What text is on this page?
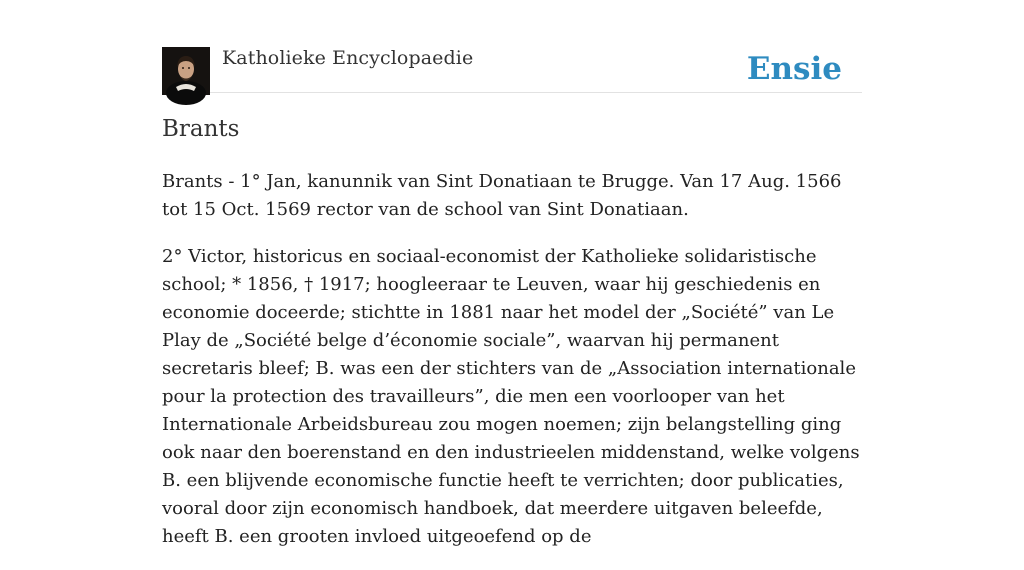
Katholieke Encyclopaedie	Ensie
Brants

Brants - 1° Jan, kanunnik van Sint Donatiaan te Brugge. Van 17 Aug. 1566 tot 15 Oct. 1569 rector van de school van Sint Donatiaan.

2° Victor, historicus en sociaal-economist der Katholieke solidaristische school; * 1856, † 1917; hoogleeraar te Leuven, waar hij geschiedenis en economie doceerde; stichtte in 1881 naar het model der „Société” van Le Play de „Société belge d’économie sociale”, waarvan hij permanent secretaris bleef; B. was een der stichters van de „Association internationale pour la protection des travailleurs”, die men een voorlooper van het Internationale Arbeidsbureau zou mogen noemen; zijn belangstelling ging ook naar den boerenstand en den industrieelen middenstand, welke volgens B. een blijvende economische functie heeft te verrichten; door publicaties, vooral door zijn economisch handboek, dat meerdere uitgaven beleefde, heeft B. een grooten invloed uitgeoefend op de
